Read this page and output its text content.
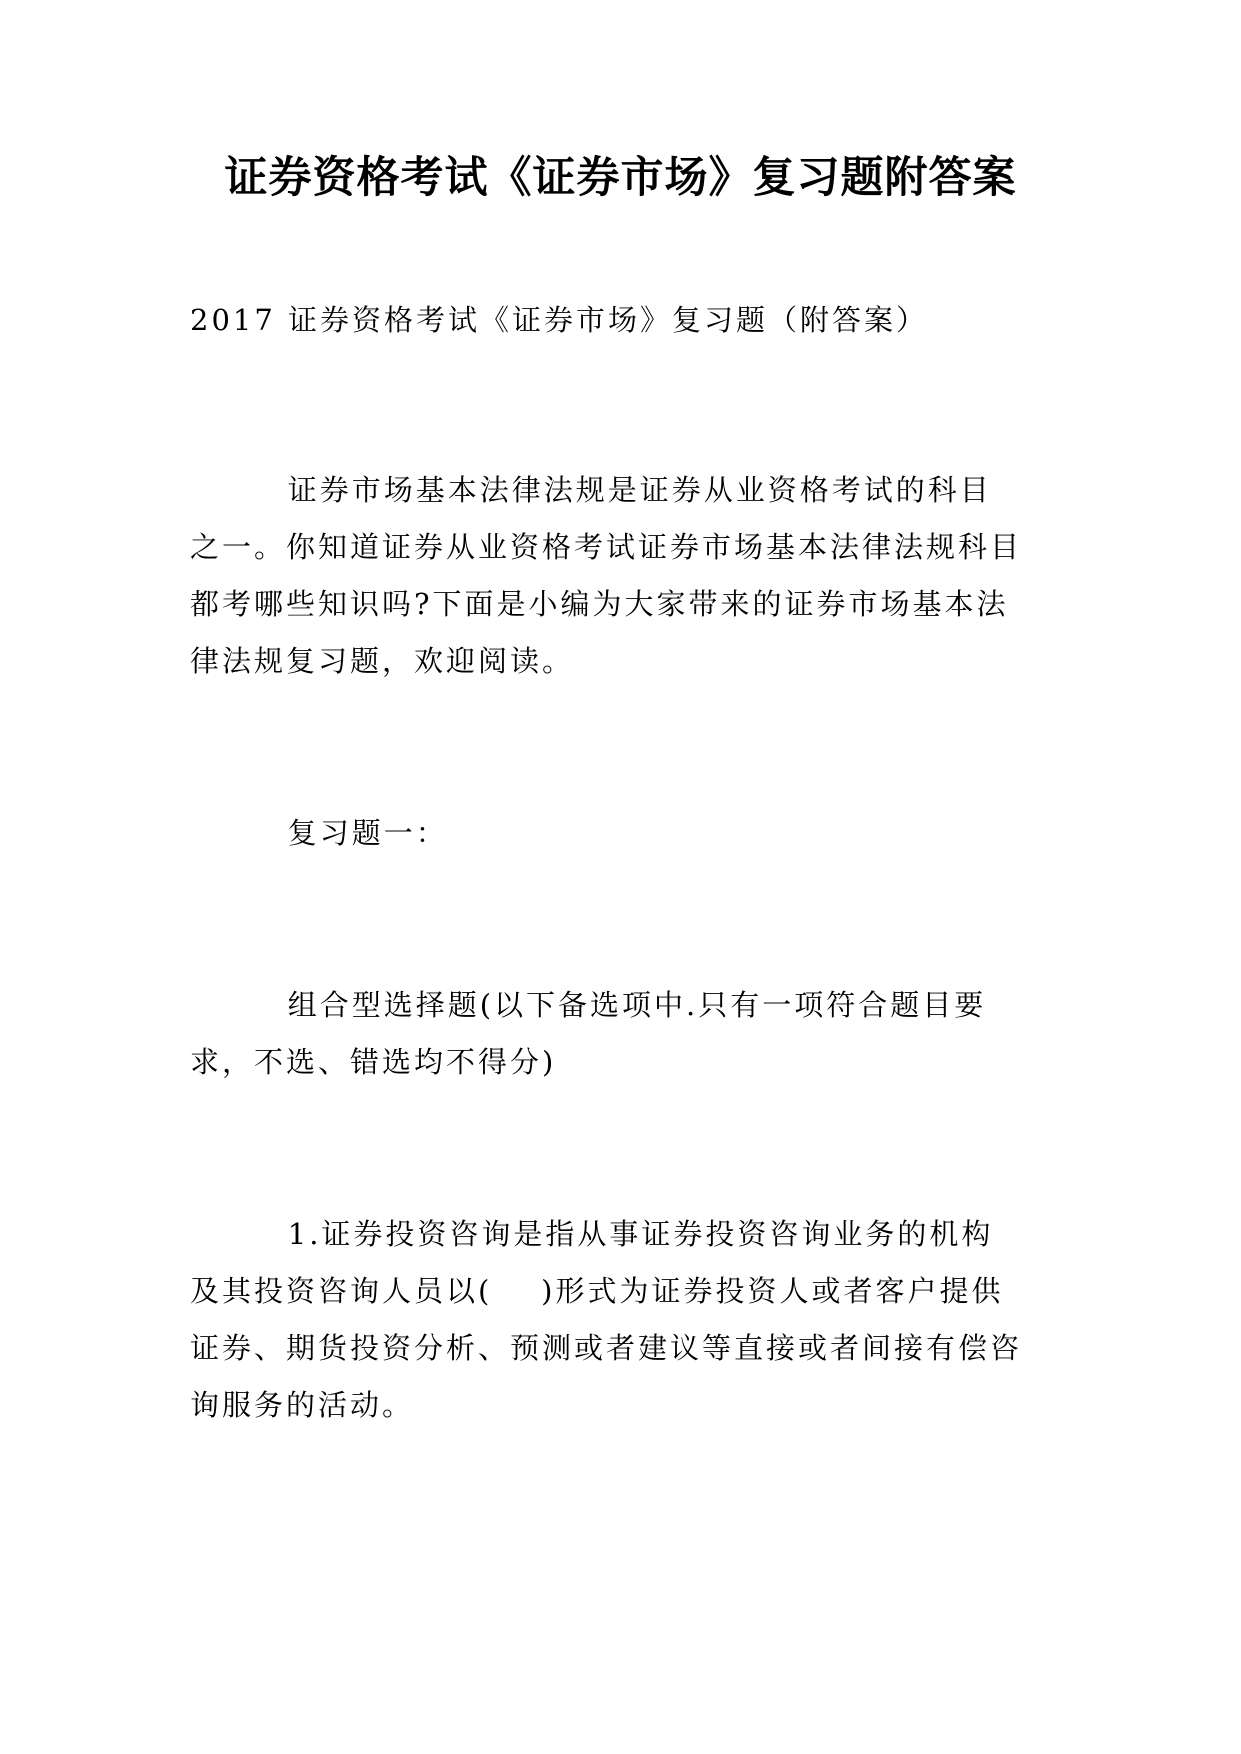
证券资格考试《证券市场》复习题附答案
2017 证券资格考试《证券市场》复习题（附答案）
证券市场基本法律法规是证券从业资格考试的科目
之一。你知道证券从业资格考试证券市场基本法律法规科目
都考哪些知识吗?下面是小编为大家带来的证券市场基本法
律法规复习题，欢迎阅读。
复习题一：
组合型选择题(以下备选项中.只有一项符合题目要
求，不选、错选均不得分)
1.证券投资咨询是指从事证券投资咨询业务的机构
及其投资咨询人员以(    )形式为证券投资人或者客户提供
证券、期货投资分析、预测或者建议等直接或者间接有偿咨
询服务的活动。
